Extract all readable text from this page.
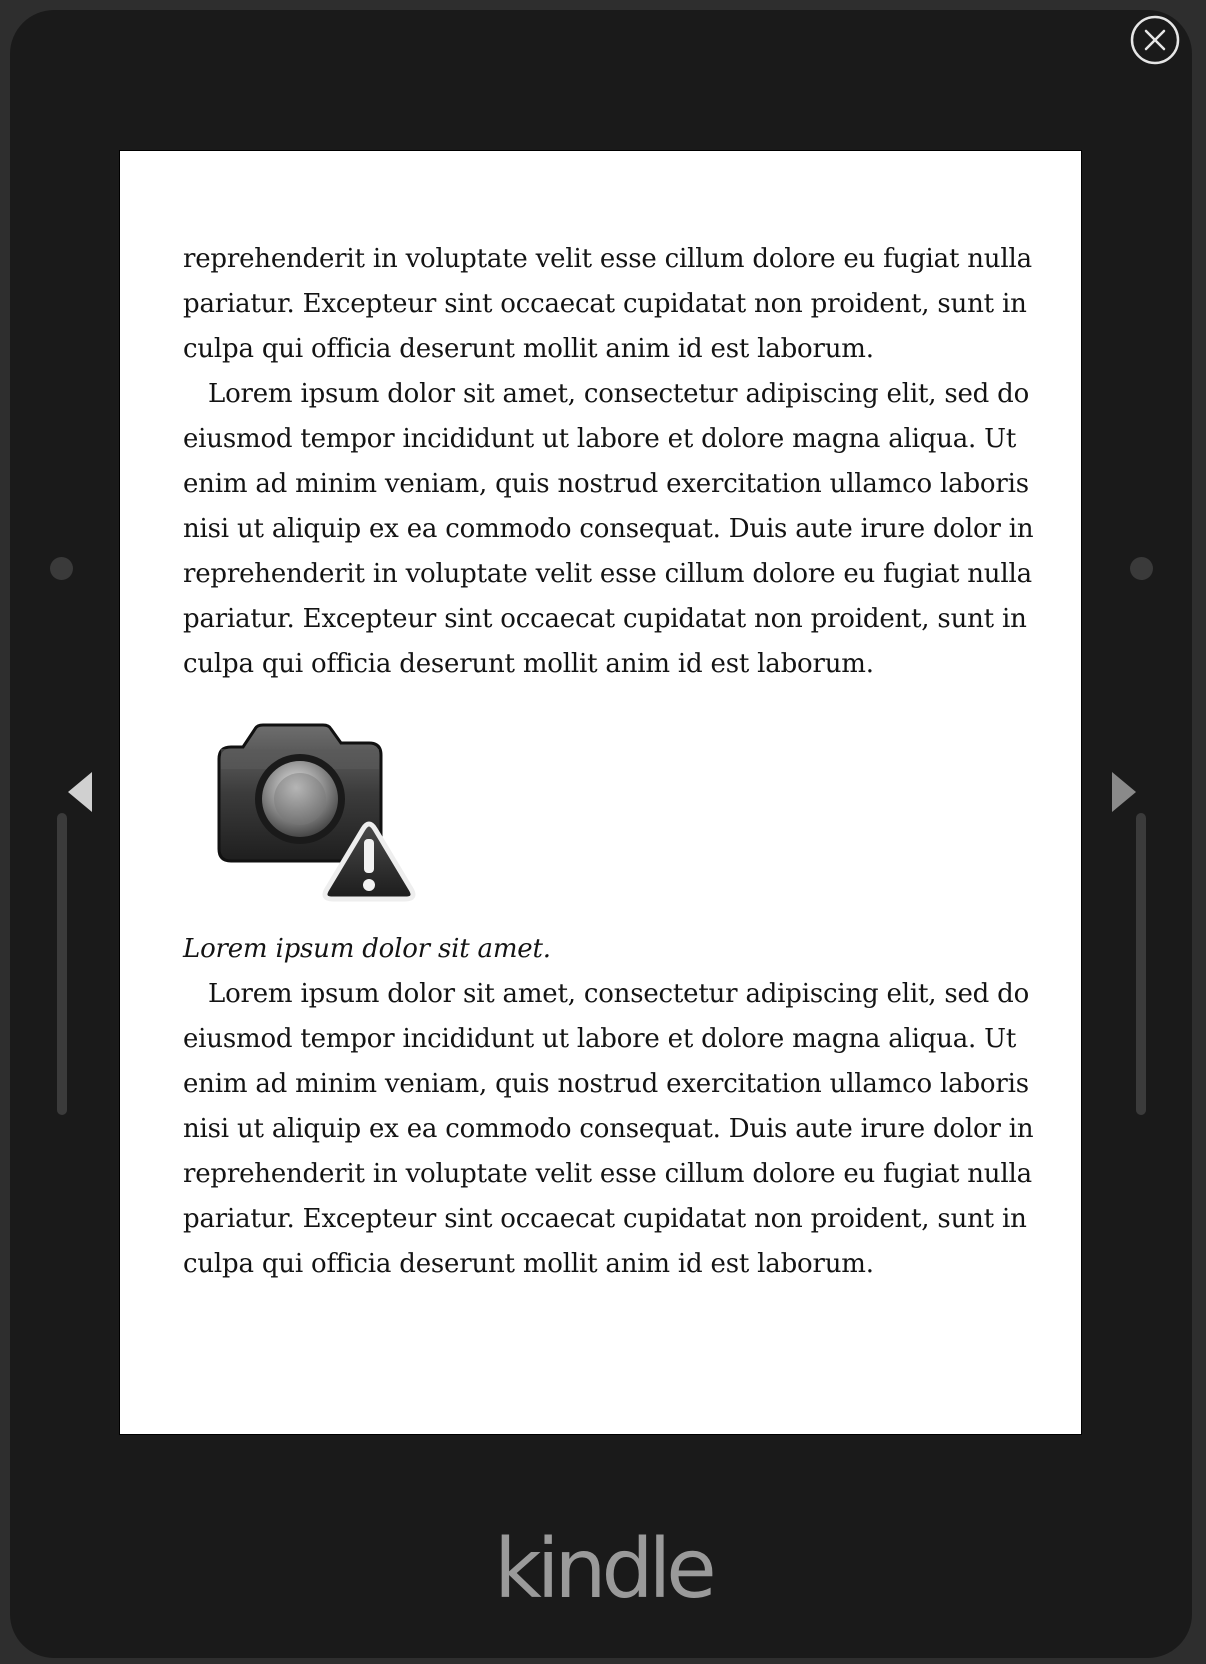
reprehenderit in voluptate velit esse cillum dolore eu fugiat nulla pariatur. Excepteur sint occaecat cupidatat non proident, sunt in culpa qui officia deserunt mollit anim id est laborum.

Lorem ipsum dolor sit amet, consectetur adipiscing elit, sed do eiusmod tempor incididunt ut labore et dolore magna aliqua. Ut enim ad minim veniam, quis nostrud exercitation ullamco laboris nisi ut aliquip ex ea commodo consequat. Duis aute irure dolor in reprehenderit in voluptate velit esse cillum dolore eu fugiat nulla pariatur. Excepteur sint occaecat cupidatat non proident, sunt in culpa qui officia deserunt mollit anim id est laborum.

Lorem ipsum dolor sit amet.

Lorem ipsum dolor sit amet, consectetur adipiscing elit, sed do eiusmod tempor incididunt ut labore et dolore magna aliqua. Ut enim ad minim veniam, quis nostrud exercitation ullamco laboris nisi ut aliquip ex ea commodo consequat. Duis aute irure dolor in reprehenderit in voluptate velit esse cillum dolore eu fugiat nulla pariatur. Excepteur sint occaecat cupidatat non proident, sunt in culpa qui officia deserunt mollit anim id est laborum.

kindle
